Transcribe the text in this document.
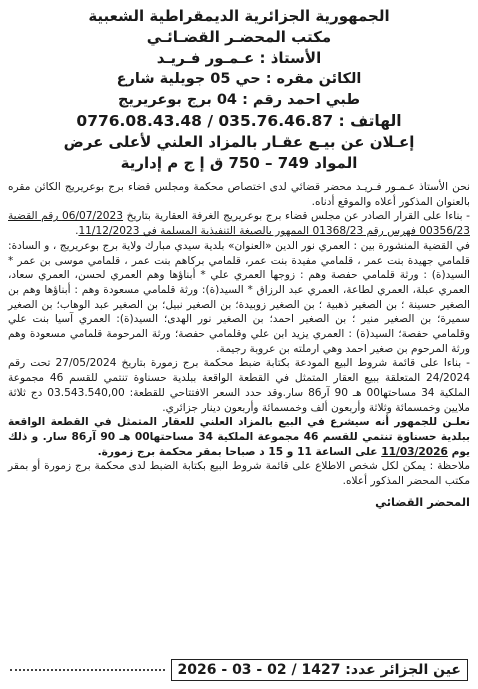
الجمهورية الجزائرية الديمقراطية الشعبية
مكتب المحضـر القضـائـي
الأستاذ : عـمـور فـريـد
الكائن مقره : حي 05 جويلية شارع
طبي احمد رقم : 04 برج بوعريريج
الهاتف : 035.76.46.87 / 0776.08.43.48
إعـلان عن بيـع عقـار بالمزاد العلني لأعلى عرض
المواد 749 – 750 ق إ ج م إدارية

نحن الأستاذ عـمـور فـريـد محضر قضائي لدى اختصاص محكمة ومجلس قضاء برج بوعريريج الكائن مقره بالعنوان المذكور أعلاه والموقع أدناه.

- بناءا على القرار الصادر عن مجلس قضاء برج بوعريريج الغرفة العقارية بتاريخ 06/07/2023 رقم القضية 00356/23 فهرس رقم 01368/23 الممهور بالصيغة التنفيذية المسلمة في 11/12/2023.

في القضية المنشورة بين : العمري نور الدين «العنوان» بلدية سيدي مبارك ولاية برج بوعريريج ، و السادة: قلمامي جهيدة بنت عمر ، قلمامي مفيدة بنت عمر، قلمامي بركاهم بنت عمر ، قلمامي موسى بن عمر * السيد(ة) : ورثة قلمامي حفصة وهم : زوجها العمري علي * أبناؤها وهم العمري لحسن، العمري سعاد، العمري عبلة، العمري لطاعة، العمري عبد الرزاق * السيد(ة): ورثة قلمامي مسعودة وهم : أبناؤها وهم بن الصغير حسينة ؛ بن الصغير ذهبية ؛ بن الصغير زوبيدة؛ بن الصغير نبيل؛ بن الصغير عبد الوهاب؛ بن الصغير سميرة؛ بن الصغير منير ؛ بن الصغير احمد؛ بن الصغير نور الهدى؛ السيد(ة): العمري آسيا بنت علي وقلمامي حفصة؛ السيد(ة) : العمري يزيد ابن علي وقلمامي حفصة؛ ورثة المرحومة قلمامي مسعودة وهم ورثة المرحوم بن صغير احمد وهي ارملته بن عروبة رجيمة.

- بناءا على قائمة شروط البيع المودعة بكتابة ضبط محكمة برج زمورة بتاريخ 27/05/2024 تحت رقم 24/2024 المتعلقة ببيع العقار المتمثل في القطعة الواقعة ببلدية حسناوة تنتمي للقسم 46 مجموعة الملكية 34 مساحتها00 هـ 90 آر86 سار.وقد حدد السعر الافتتاحي للقطعة: 03.543.540,00 دج ثلاثة ملايين وخمسمائة وثلاثة وأربعون ألف وخمسمائة وأربعون دينار جزائري.

نعلـن للجمهور أنه سيشرع في البيع بالمزاد العلني للعقار المتمثل في القطعة الواقعة ببلدية حسناوة تنتمي للقسم 46 مجموعة الملكية 34 مساحتها00 هـ 90 آر86 سار. و ذلك يوم 11/03/2026 على الساعة 11 و 15 د صباحا بمقر محكمة برج زمورة.

ملاحظة : يمكن لكل شخص الاطلاع على قائمة شروط البيع بكتابة الضبط لدى محكمة برج زمورة أو بمقر مكتب المحضر المذكور أعلاه.

المحضر القضائي
عين الجزائر عدد: 1427 / 02 - 03 - 2026
